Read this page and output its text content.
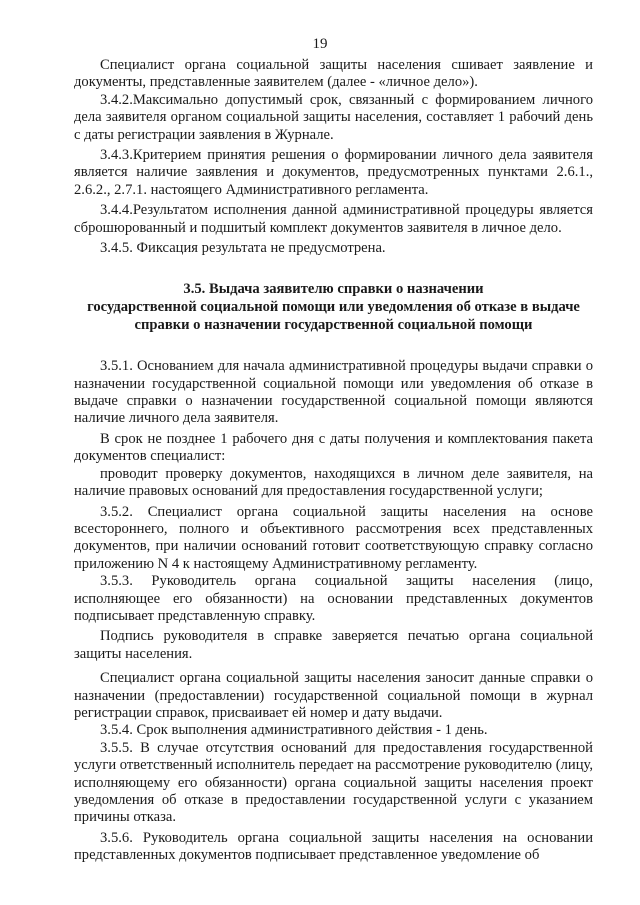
19

Специалист органа социальной защиты населения сшивает заявление и документы, представленные заявителем (далее - «личное дело»).

3.4.2.Максимально допустимый срок, связанный с формированием личного дела заявителя органом социальной защиты населения, составляет 1 рабочий день с даты регистрации заявления в Журнале.

3.4.3.Критерием принятия решения о формировании личного дела заявителя является наличие заявления и документов, предусмотренных пунктами 2.6.1., 2.6.2., 2.7.1. настоящего Административного регламента.

3.4.4.Результатом исполнения данной административной процедуры является сброшюрованный и подшитый комплект документов заявителя в личное дело.

3.4.5. Фиксация результата не предусмотрена.

3.5. Выдача заявителю справки о назначении

государственной социальной помощи или уведомления об отказе в выдаче

справки о назначении государственной социальной помощи

3.5.1. Основанием для начала административной процедуры выдачи справки о назначении государственной социальной помощи или уведомления об отказе в выдаче справки о назначении государственной социальной помощи являются наличие личного дела заявителя.

В срок не позднее 1 рабочего дня с даты получения и комплектования пакета документов специалист:

проводит проверку документов, находящихся в личном деле заявителя, на наличие правовых оснований для предоставления государственной услуги;

3.5.2. Специалист органа социальной защиты населения на основе всестороннего, полного и объективного рассмотрения всех представленных документов, при наличии оснований готовит соответствующую справку согласно приложению N 4 к настоящему Административному регламенту.

3.5.3. Руководитель органа социальной защиты населения (лицо, исполняющее его обязанности) на основании представленных документов подписывает представленную справку.

Подпись руководителя в справке заверяется печатью органа социальной защиты населения.

Специалист органа социальной защиты населения заносит данные справки о назначении (предоставлении) государственной социальной помощи в журнал регистрации справок, присваивает ей номер и дату выдачи.

3.5.4. Срок выполнения административного действия - 1 день.

3.5.5. В случае отсутствия оснований для предоставления государственной услуги ответственный исполнитель передает на рассмотрение руководителю (лицу, исполняющему его обязанности) органа социальной защиты населения проект уведомления об отказе в предоставлении государственной услуги с указанием причины отказа.

3.5.6. Руководитель органа социальной защиты населения на основании представленных документов подписывает представленное уведомление об
